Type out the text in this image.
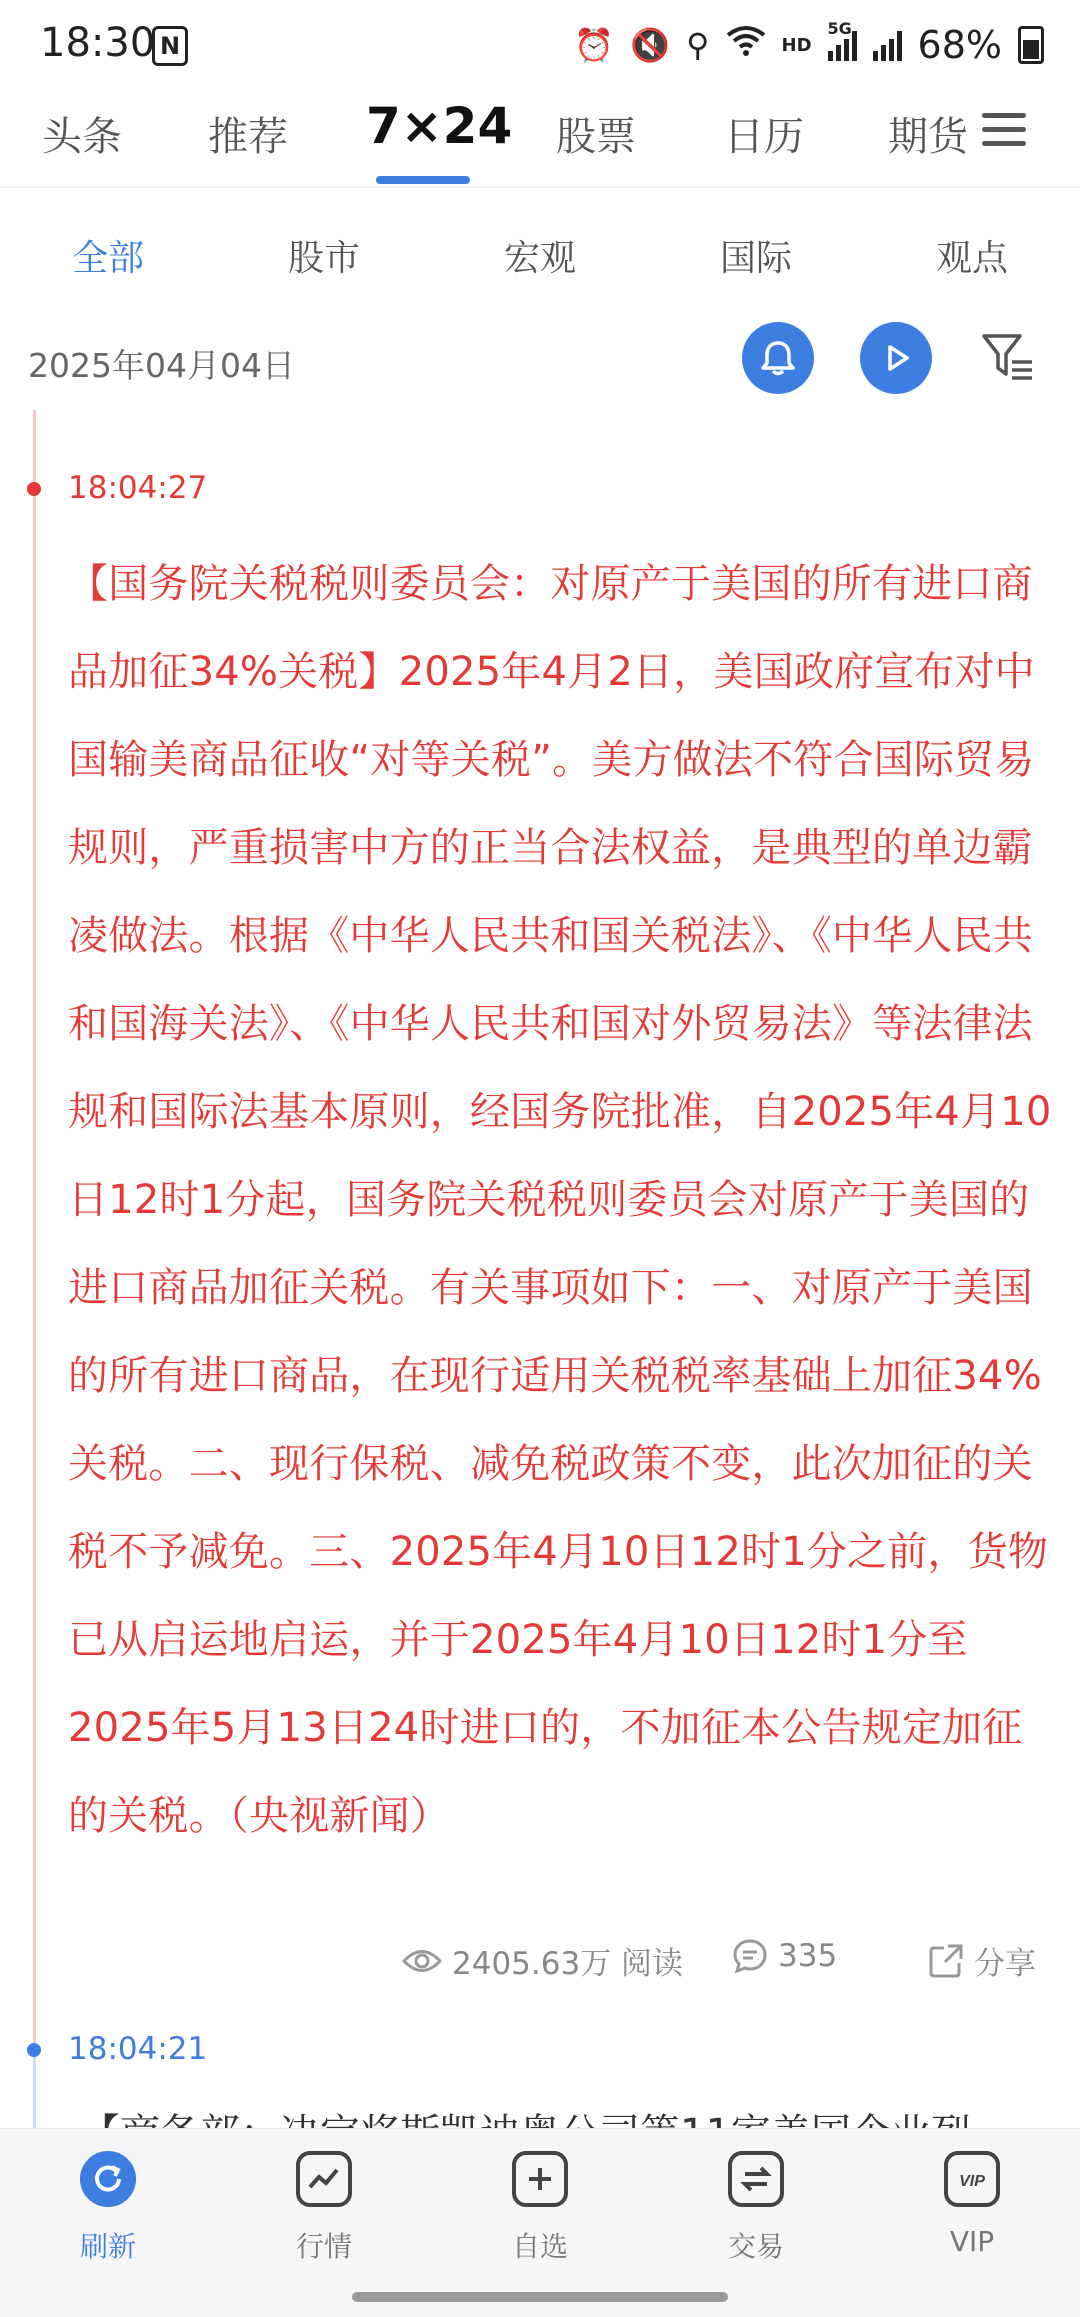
18:30 N	⏰ 🔇 ⚲	HD
5G 68%
头条 推荐 7×24 股票 日历 期货
全部	股市	宏观	国际	观点
2025年04月04日
18:04:27
【国务院关税税则委员会：对原产于美国的所有进口商品加征34%关税】2025年4月2日，美国政府宣布对中国输美商品征收“对等关税”。美方做法不符合国际贸易规则，严重损害中方的正当合法权益，是典型的单边霸凌做法。根据《中华人民共和国关税法》、《中华人民共和国海关法》、《中华人民共和国对外贸易法》等法律法规和国际法基本原则，经国务院批准，自2025年4月10日12时1分起，国务院关税税则委员会对原产于美国的进口商品加征关税。有关事项如下：一、对原产于美国的所有进口商品，在现行适用关税税率基础上加征34%关税。二、现行保税、减免税政策不变，此次加征的关税不予减免。三、2025年4月10日12时1分之前，货物已从启运地启运，并于2025年4月10日12时1分至2025年5月13日24时进口的，不加征本公告规定加征的关税。（央视新闻）
2405.63万 阅读	335	分享
18:04:21
刷新	行情	自选	交易
VIP
VIP
